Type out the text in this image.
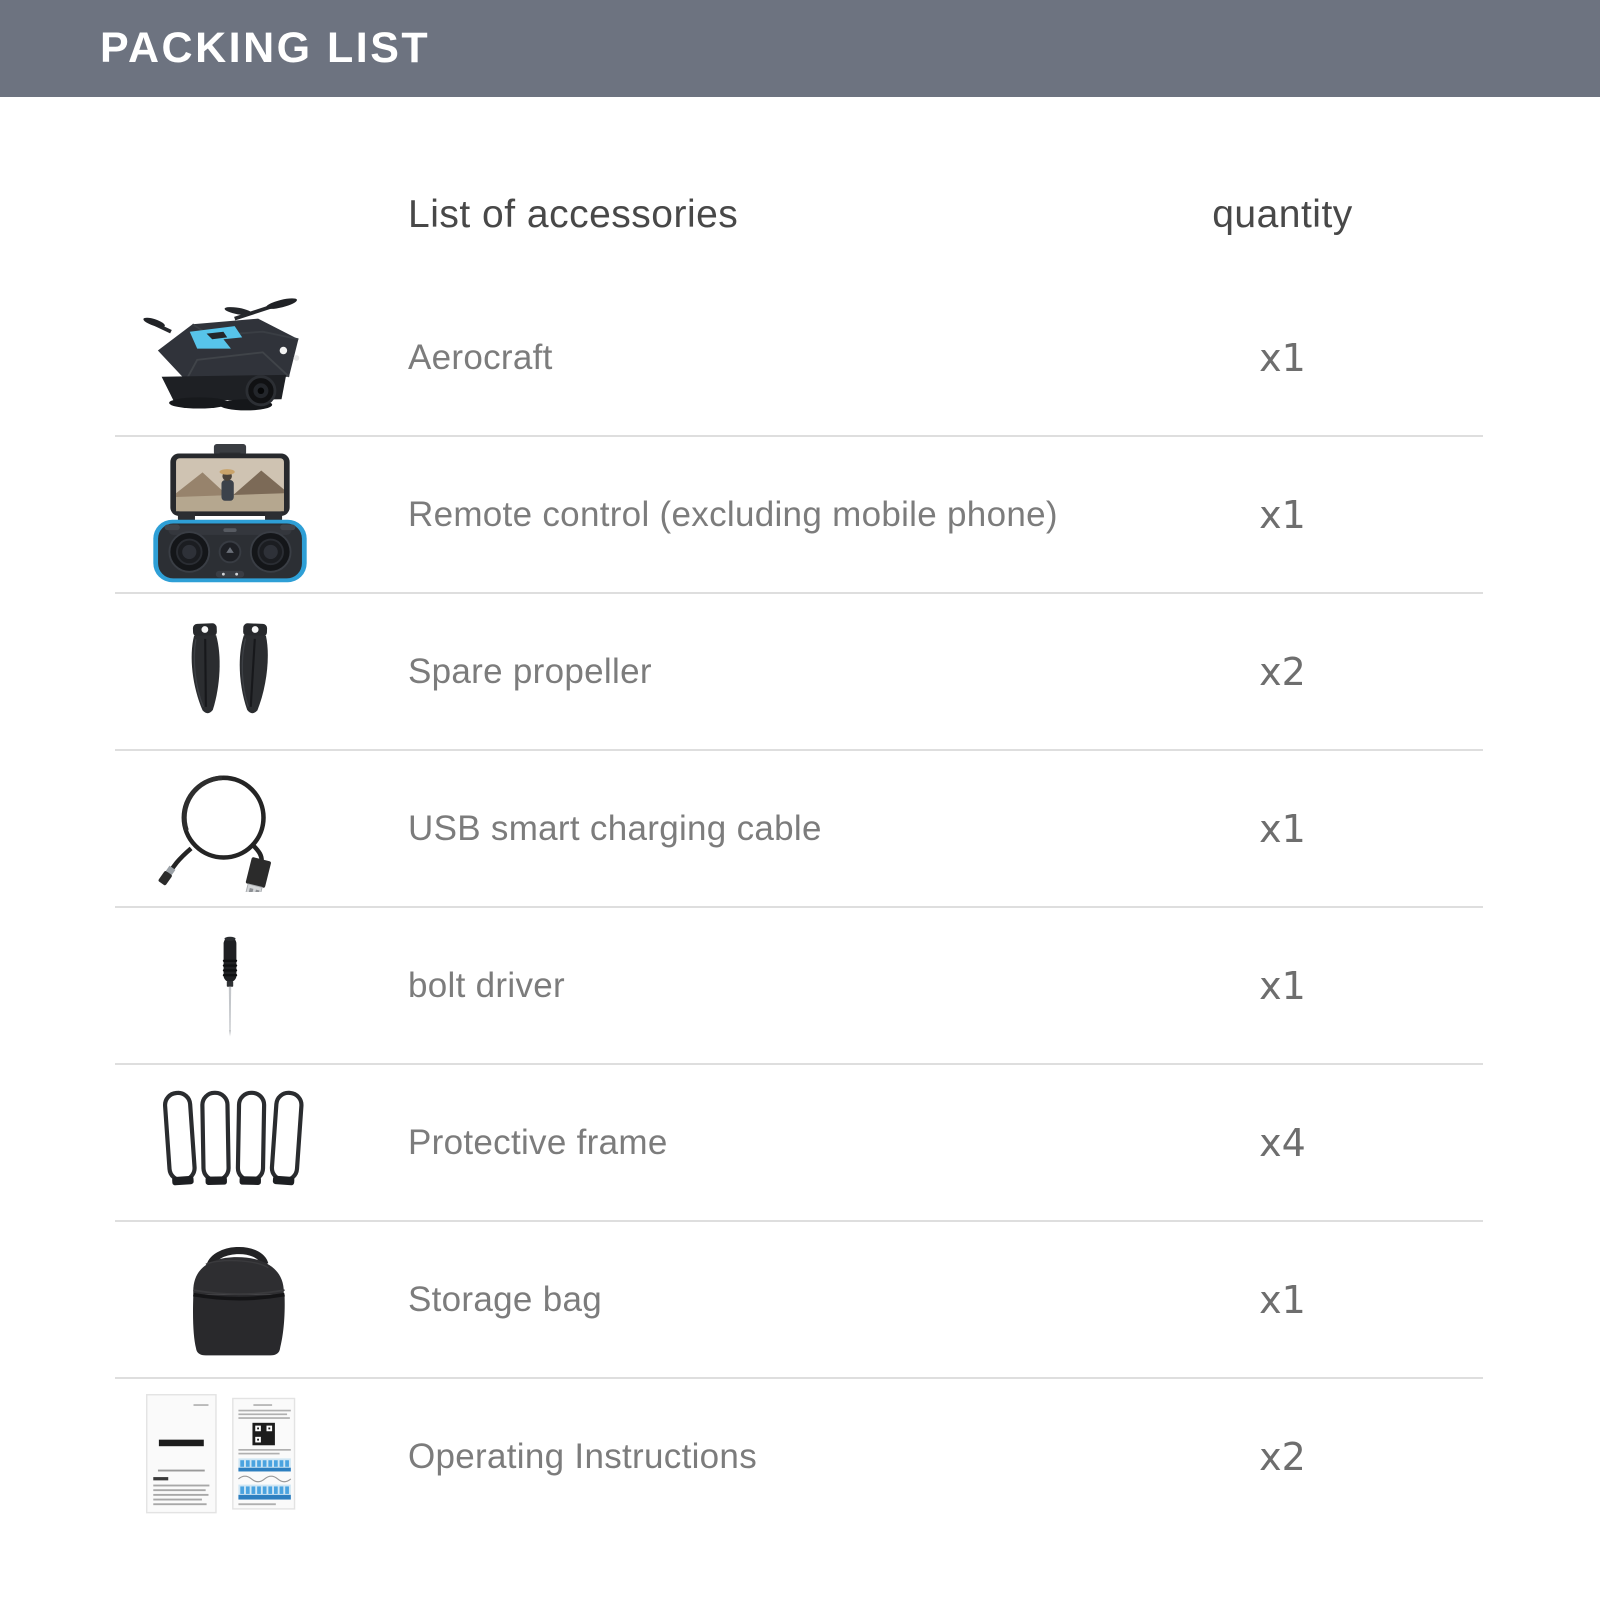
PACKING LIST
List of accessories	quantity
Aerocraft	x1
Remote control (excluding mobile phone)	x1
Spare propeller	x2
USB smart charging cable	x1
bolt driver	x1
Protective frame	x4
Storage bag	x1
Operating Instructions	x2
